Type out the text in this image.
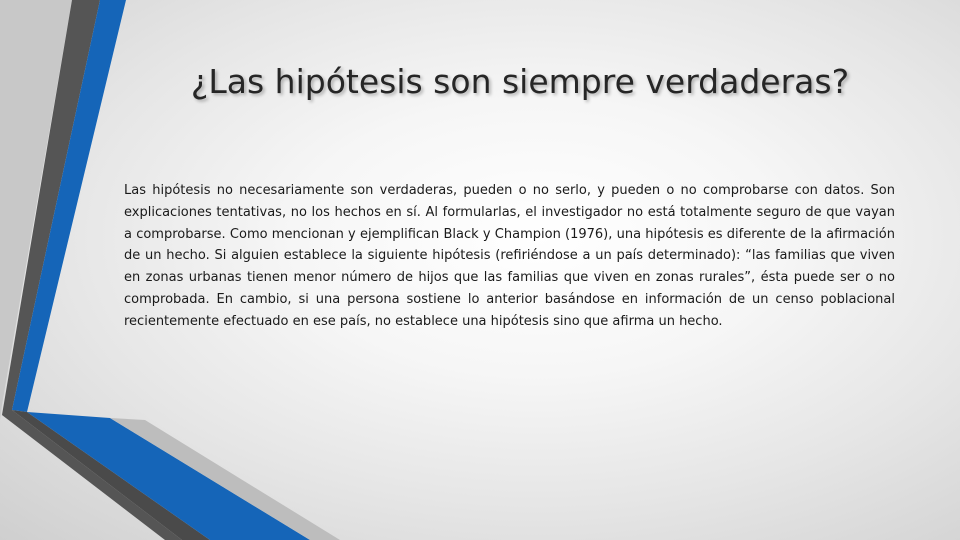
¿Las hipótesis son siempre verdaderas?

Las hipótesis no necesariamente son verdaderas, pueden o no serlo, y pueden o no comprobarse con datos. Son explicaciones tentativas, no los hechos en sí. Al formularlas, el investigador no está totalmente seguro de que vayan a comprobarse. Como mencionan y ejemplifican Black y Champion (1976), una hipótesis es diferente de la afirmación de un hecho. Si alguien establece la siguiente hipótesis (refiriéndose a un país determinado): “las familias que viven en zonas urbanas tienen menor número de hijos que las familias que viven en zonas rurales”, ésta puede ser o no comprobada. En cambio, si una persona sostiene lo anterior basándose en información de un censo poblacional recientemente efectuado en ese país, no establece una hipótesis sino que afirma un hecho.
